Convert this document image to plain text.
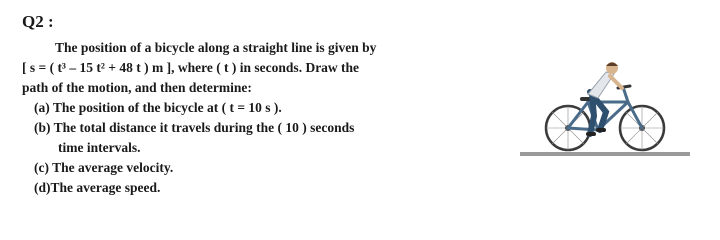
Q2 :
The position of a bicycle along a straight line is given by
[ s = ( t³ – 15 t² + 48 t ) m ], where ( t ) in seconds. Draw the
path of the motion, and then determine:
(a) The position of the bicycle at ( t = 10 s ).
(b) The total distance it travels during the ( 10 ) seconds
time intervals.
(c) The average velocity.
(d)The average speed.
